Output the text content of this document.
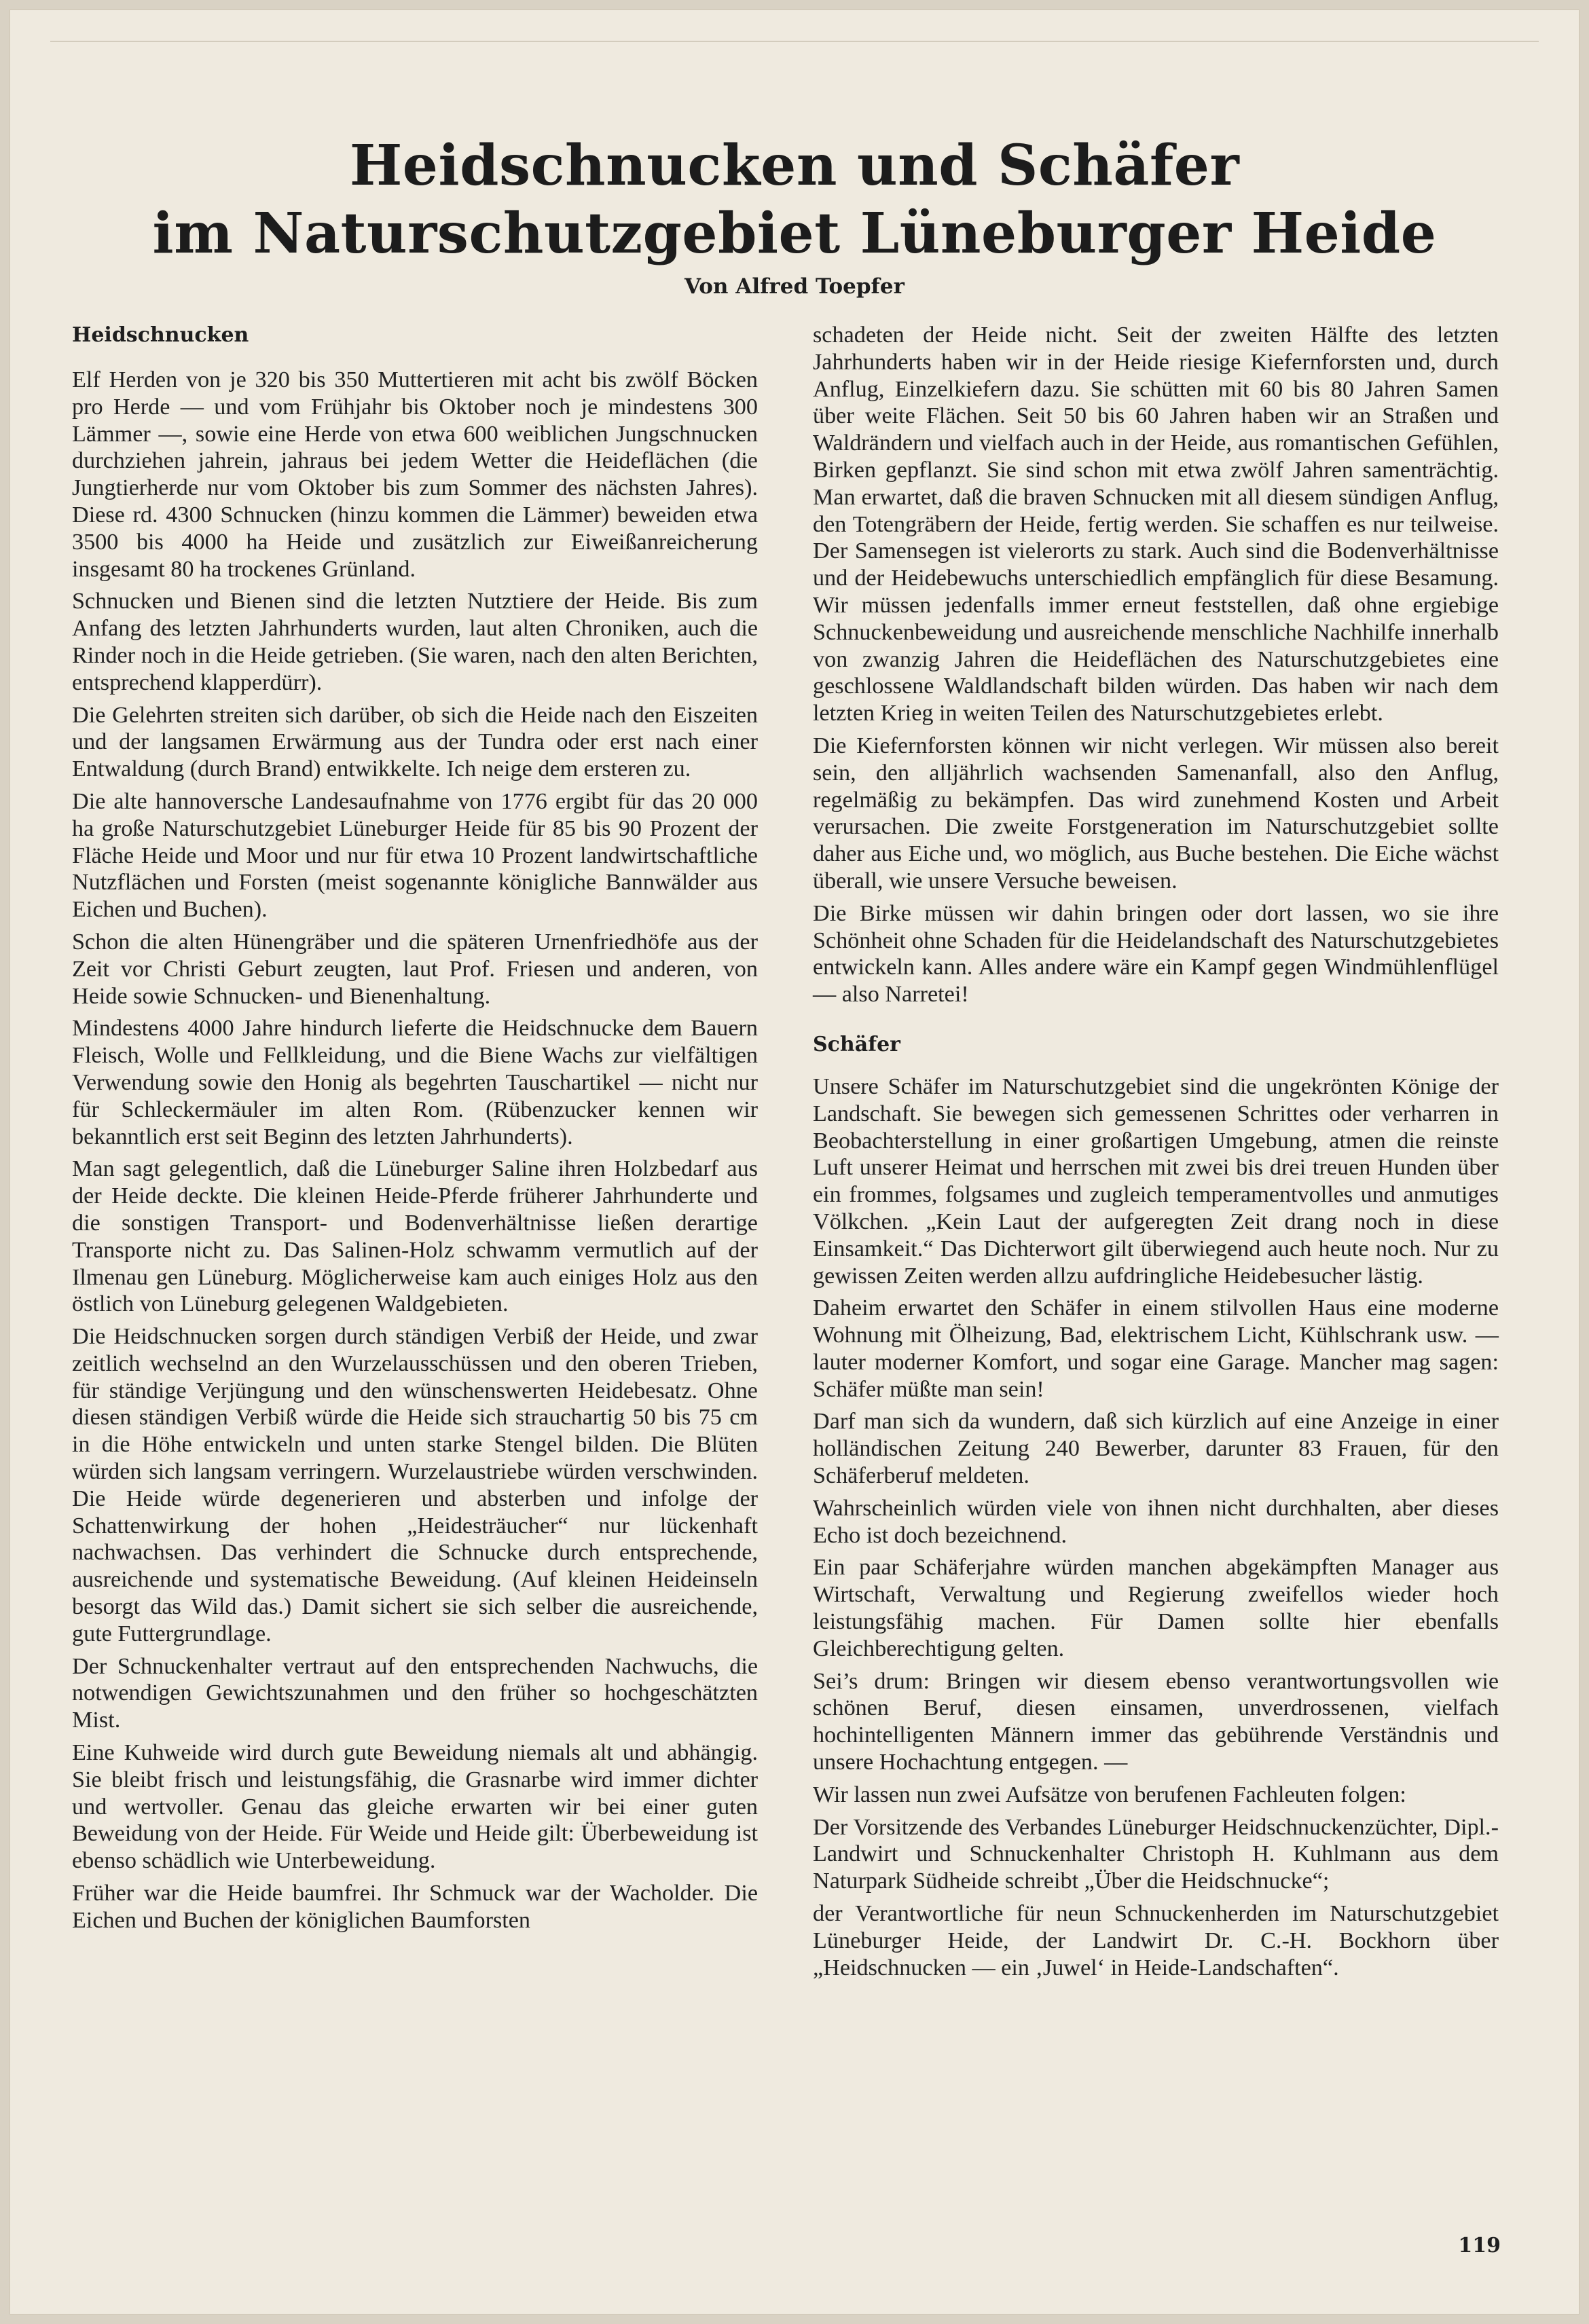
Heidschnucken und Schäfer
im Naturschutzgebiet Lüneburger Heide
Von Alfred Toepfer
Heidschnucken

Elf Herden von je 320 bis 350 Muttertieren mit acht bis zwölf Böcken pro Herde — und vom Frühjahr bis Oktober noch je mindestens 300 Lämmer —, sowie eine Herde von etwa 600 weiblichen Jungschnucken durchziehen jahrein, jahraus bei jedem Wetter die Heideflächen (die Jungtierherde nur vom Oktober bis zum Sommer des nächsten Jahres). Diese rd. 4300 Schnucken (hinzu kommen die Lämmer) beweiden etwa 3500 bis 4000 ha Heide und zusätzlich zur Eiweißanreicherung insgesamt 80 ha trockenes Grünland.

Schnucken und Bienen sind die letzten Nutztiere der Heide. Bis zum Anfang des letzten Jahrhunderts wurden, laut alten Chroniken, auch die Rinder noch in die Heide getrieben. (Sie waren, nach den alten Berichten, entsprechend klapperdürr).

Die Gelehrten streiten sich darüber, ob sich die Heide nach den Eiszeiten und der langsamen Erwärmung aus der Tundra oder erst nach einer Entwaldung (durch Brand) entwikkelte. Ich neige dem ersteren zu.

Die alte hannoversche Landesaufnahme von 1776 ergibt für das 20 000 ha große Naturschutzgebiet Lüneburger Heide für 85 bis 90 Prozent der Fläche Heide und Moor und nur für etwa 10 Prozent landwirtschaftliche Nutzflächen und Forsten (meist sogenannte königliche Bannwälder aus Eichen und Buchen).

Schon die alten Hünengräber und die späteren Urnenfriedhöfe aus der Zeit vor Christi Geburt zeugten, laut Prof. Friesen und anderen, von Heide sowie Schnucken- und Bienenhaltung.

Mindestens 4000 Jahre hindurch lieferte die Heidschnucke dem Bauern Fleisch, Wolle und Fellkleidung, und die Biene Wachs zur vielfältigen Verwendung sowie den Honig als begehrten Tauschartikel — nicht nur für Schleckermäuler im alten Rom. (Rübenzucker kennen wir bekanntlich erst seit Beginn des letzten Jahrhunderts).

Man sagt gelegentlich, daß die Lüneburger Saline ihren Holzbedarf aus der Heide deckte. Die kleinen Heide-Pferde früherer Jahrhunderte und die sonstigen Transport- und Bodenverhältnisse ließen derartige Transporte nicht zu. Das Salinen-Holz schwamm vermutlich auf der Ilmenau gen Lüneburg. Möglicherweise kam auch einiges Holz aus den östlich von Lüneburg gelegenen Waldgebieten.

Die Heidschnucken sorgen durch ständigen Verbiß der Heide, und zwar zeitlich wechselnd an den Wurzelausschüssen und den oberen Trieben, für ständige Verjüngung und den wünschenswerten Heidebesatz. Ohne diesen ständigen Verbiß würde die Heide sich strauchartig 50 bis 75 cm in die Höhe entwickeln und unten starke Stengel bilden. Die Blüten würden sich langsam verringern. Wurzelaustriebe würden verschwinden. Die Heide würde degenerieren und absterben und infolge der Schattenwirkung der hohen „Heidesträucher“ nur lückenhaft nachwachsen. Das verhindert die Schnucke durch entsprechende, ausreichende und systematische Beweidung. (Auf kleinen Heideinseln besorgt das Wild das.) Damit sichert sie sich selber die ausreichende, gute Futtergrundlage.

Der Schnuckenhalter vertraut auf den entsprechenden Nachwuchs, die notwendigen Gewichtszunahmen und den früher so hochgeschätzten Mist.

Eine Kuhweide wird durch gute Beweidung niemals alt und abhängig. Sie bleibt frisch und leistungsfähig, die Grasnarbe wird immer dichter und wertvoller. Genau das gleiche erwarten wir bei einer guten Beweidung von der Heide. Für Weide und Heide gilt: Überbeweidung ist ebenso schädlich wie Unterbeweidung.

Früher war die Heide baumfrei. Ihr Schmuck war der Wacholder. Die Eichen und Buchen der königlichen Baumforsten

schadeten der Heide nicht. Seit der zweiten Hälfte des letzten Jahrhunderts haben wir in der Heide riesige Kiefernforsten und, durch Anflug, Einzelkiefern dazu. Sie schütten mit 60 bis 80 Jahren Samen über weite Flächen. Seit 50 bis 60 Jahren haben wir an Straßen und Waldrändern und vielfach auch in der Heide, aus romantischen Gefühlen, Birken gepflanzt. Sie sind schon mit etwa zwölf Jahren samenträchtig. Man erwartet, daß die braven Schnucken mit all diesem sündigen Anflug, den Totengräbern der Heide, fertig werden. Sie schaffen es nur teilweise. Der Samensegen ist vielerorts zu stark. Auch sind die Bodenverhältnisse und der Heidebewuchs unterschiedlich empfänglich für diese Besamung. Wir müssen jedenfalls immer erneut feststellen, daß ohne ergiebige Schnuckenbeweidung und ausreichende menschliche Nachhilfe innerhalb von zwanzig Jahren die Heideflächen des Naturschutzgebietes eine geschlossene Waldlandschaft bilden würden. Das haben wir nach dem letzten Krieg in weiten Teilen des Naturschutzgebietes erlebt.

Die Kiefernforsten können wir nicht verlegen. Wir müssen also bereit sein, den alljährlich wachsenden Samenanfall, also den Anflug, regelmäßig zu bekämpfen. Das wird zunehmend Kosten und Arbeit verursachen. Die zweite Forstgeneration im Naturschutzgebiet sollte daher aus Eiche und, wo möglich, aus Buche bestehen. Die Eiche wächst überall, wie unsere Versuche beweisen.

Die Birke müssen wir dahin bringen oder dort lassen, wo sie ihre Schönheit ohne Schaden für die Heidelandschaft des Naturschutzgebietes entwickeln kann. Alles andere wäre ein Kampf gegen Windmühlenflügel — also Narretei!

Schäfer

Unsere Schäfer im Naturschutzgebiet sind die ungekrönten Könige der Landschaft. Sie bewegen sich gemessenen Schrittes oder verharren in Beobachterstellung in einer großartigen Umgebung, atmen die reinste Luft unserer Heimat und herrschen mit zwei bis drei treuen Hunden über ein frommes, folgsames und zugleich temperamentvolles und anmutiges Völkchen. „Kein Laut der aufgeregten Zeit drang noch in diese Einsamkeit.“ Das Dichterwort gilt überwiegend auch heute noch. Nur zu gewissen Zeiten werden allzu aufdringliche Heidebesucher lästig.

Daheim erwartet den Schäfer in einem stilvollen Haus eine moderne Wohnung mit Ölheizung, Bad, elektrischem Licht, Kühlschrank usw. — lauter moderner Komfort, und sogar eine Garage. Mancher mag sagen: Schäfer müßte man sein!

Darf man sich da wundern, daß sich kürzlich auf eine Anzeige in einer holländischen Zeitung 240 Bewerber, darunter 83 Frauen, für den Schäferberuf meldeten.

Wahrscheinlich würden viele von ihnen nicht durchhalten, aber dieses Echo ist doch bezeichnend.

Ein paar Schäferjahre würden manchen abgekämpften Manager aus Wirtschaft, Verwaltung und Regierung zweifellos wieder hoch leistungsfähig machen. Für Damen sollte hier ebenfalls Gleichberechtigung gelten.

Sei’s drum: Bringen wir diesem ebenso verantwortungsvollen wie schönen Beruf, diesen einsamen, unverdrossenen, vielfach hochintelligenten Männern immer das gebührende Verständnis und unsere Hochachtung entgegen. —

Wir lassen nun zwei Aufsätze von berufenen Fachleuten folgen:

Der Vorsitzende des Verbandes Lüneburger Heidschnuckenzüchter, Dipl.-Landwirt und Schnuckenhalter Christoph H. Kuhlmann aus dem Naturpark Südheide schreibt „Über die Heidschnucke“;

der Verantwortliche für neun Schnuckenherden im Naturschutzgebiet Lüneburger Heide, der Landwirt Dr. C.-H. Bockhorn über „Heidschnucken — ein ‚Juwel‘ in Heide-Landschaften“.

119
